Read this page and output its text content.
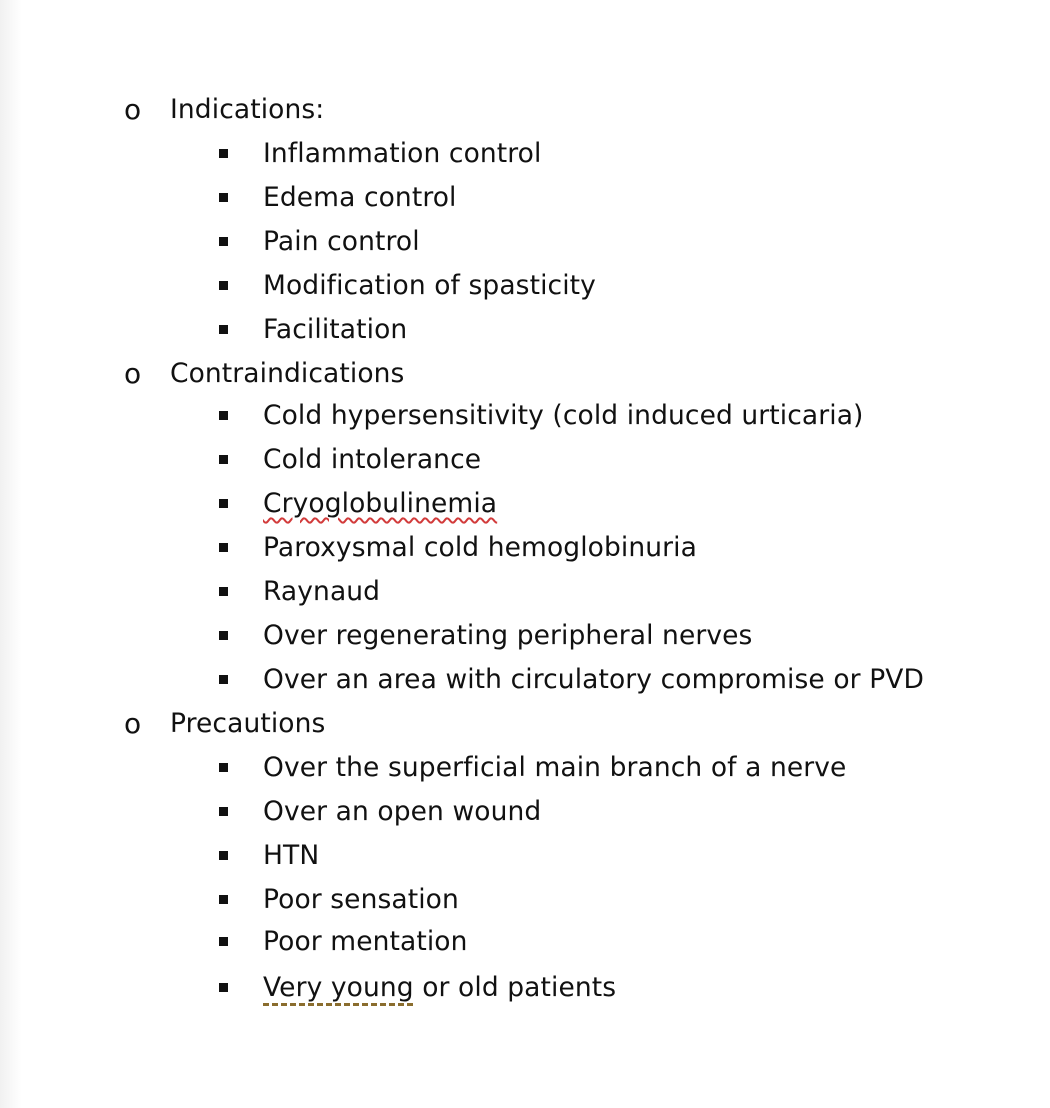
o Indications:
Inflammation control
Edema control
Pain control
Modification of spasticity
Facilitation
o Contraindications
Cold hypersensitivity (cold induced urticaria)
Cold intolerance
Cryoglobulinemia
Paroxysmal cold hemoglobinuria
Raynaud
Over regenerating peripheral nerves
Over an area with circulatory compromise or PVD
o Precautions
Over the superficial main branch of a nerve
Over an open wound
HTN
Poor sensation
Poor mentation
Very young or old patients
